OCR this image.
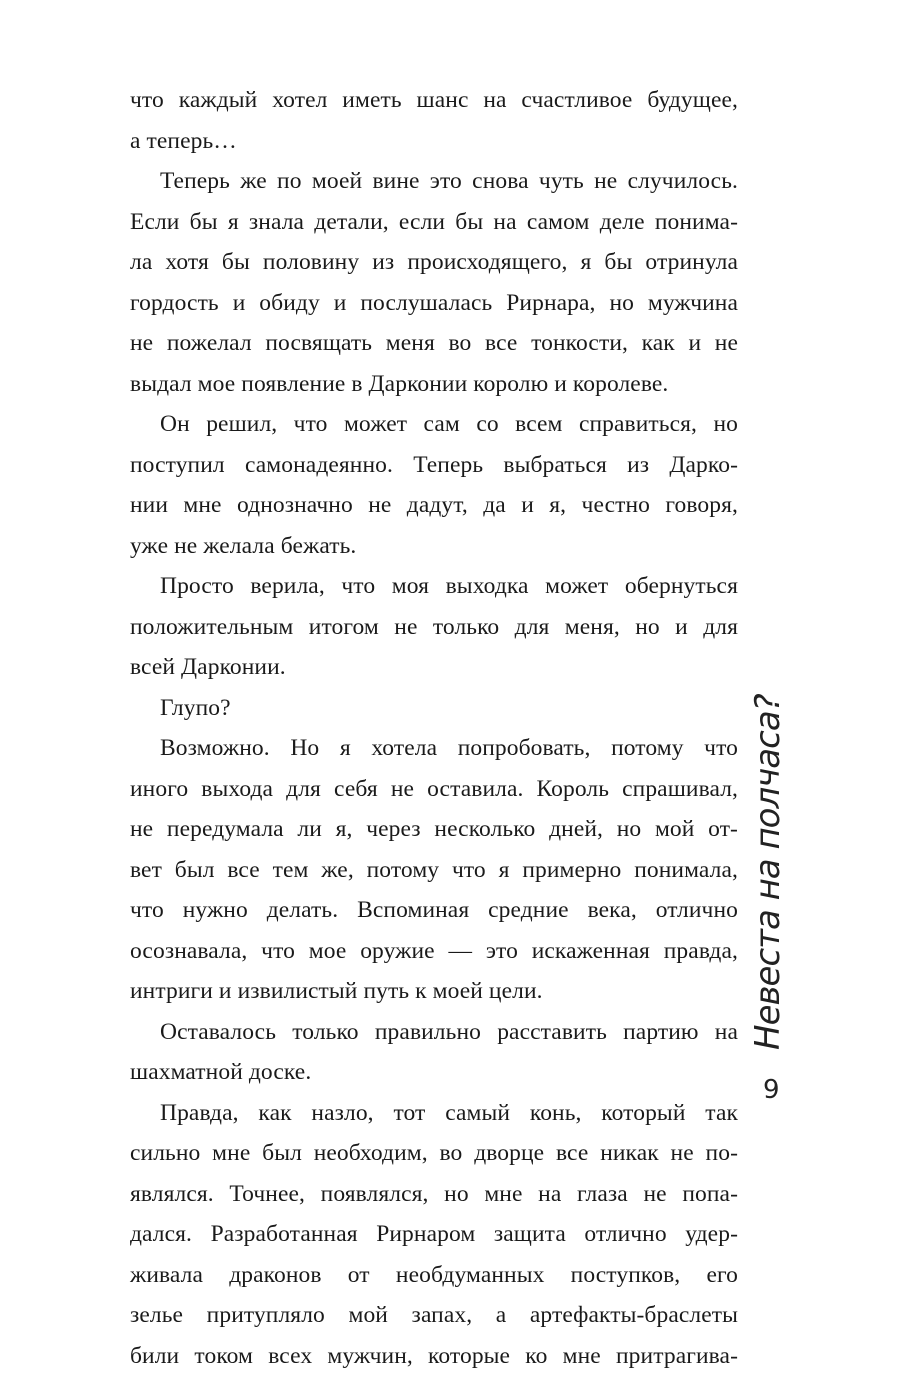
что каждый хотел иметь шанс на счастливое будущее,
а теперь…
Теперь же по моей вине это снова чуть не случилось.
Если бы я знала детали, если бы на самом деле понима-
ла хотя бы половину из происходящего, я бы отринула
гордость и обиду и послушалась Рирнара, но мужчина
не пожелал посвящать меня во все тонкости, как и не
выдал мое появление в Дарконии королю и королеве.
Он решил, что может сам со всем справиться, но
поступил самонадеянно. Теперь выбраться из Дарко-
нии мне однозначно не дадут, да и я, честно говоря,
уже не желала бежать.
Просто верила, что моя выходка может обернуться
положительным итогом не только для меня, но и для
всей Дарконии.
Глупо?
Возможно. Но я хотела попробовать, потому что
иного выхода для себя не оставила. Король спрашивал,
не передумала ли я, через несколько дней, но мой от-
вет был все тем же, потому что я примерно понимала,
что нужно делать. Вспоминая средние века, отлично
осознавала, что мое оружие — это искаженная правда,
интриги и извилистый путь к моей цели.
Оставалось только правильно расставить партию на
шахматной доске.
Правда, как назло, тот самый конь, который так
сильно мне был необходим, во дворце все никак не по-
являлся. Точнее, появлялся, но мне на глаза не попа-
дался. Разработанная Рирнаром защита отлично удер-
живала драконов от необдуманных поступков, его
зелье притупляло мой запах, а артефакты-браслеты
били током всех мужчин, которые ко мне притрагива-
Невеста на полчаса?
9
